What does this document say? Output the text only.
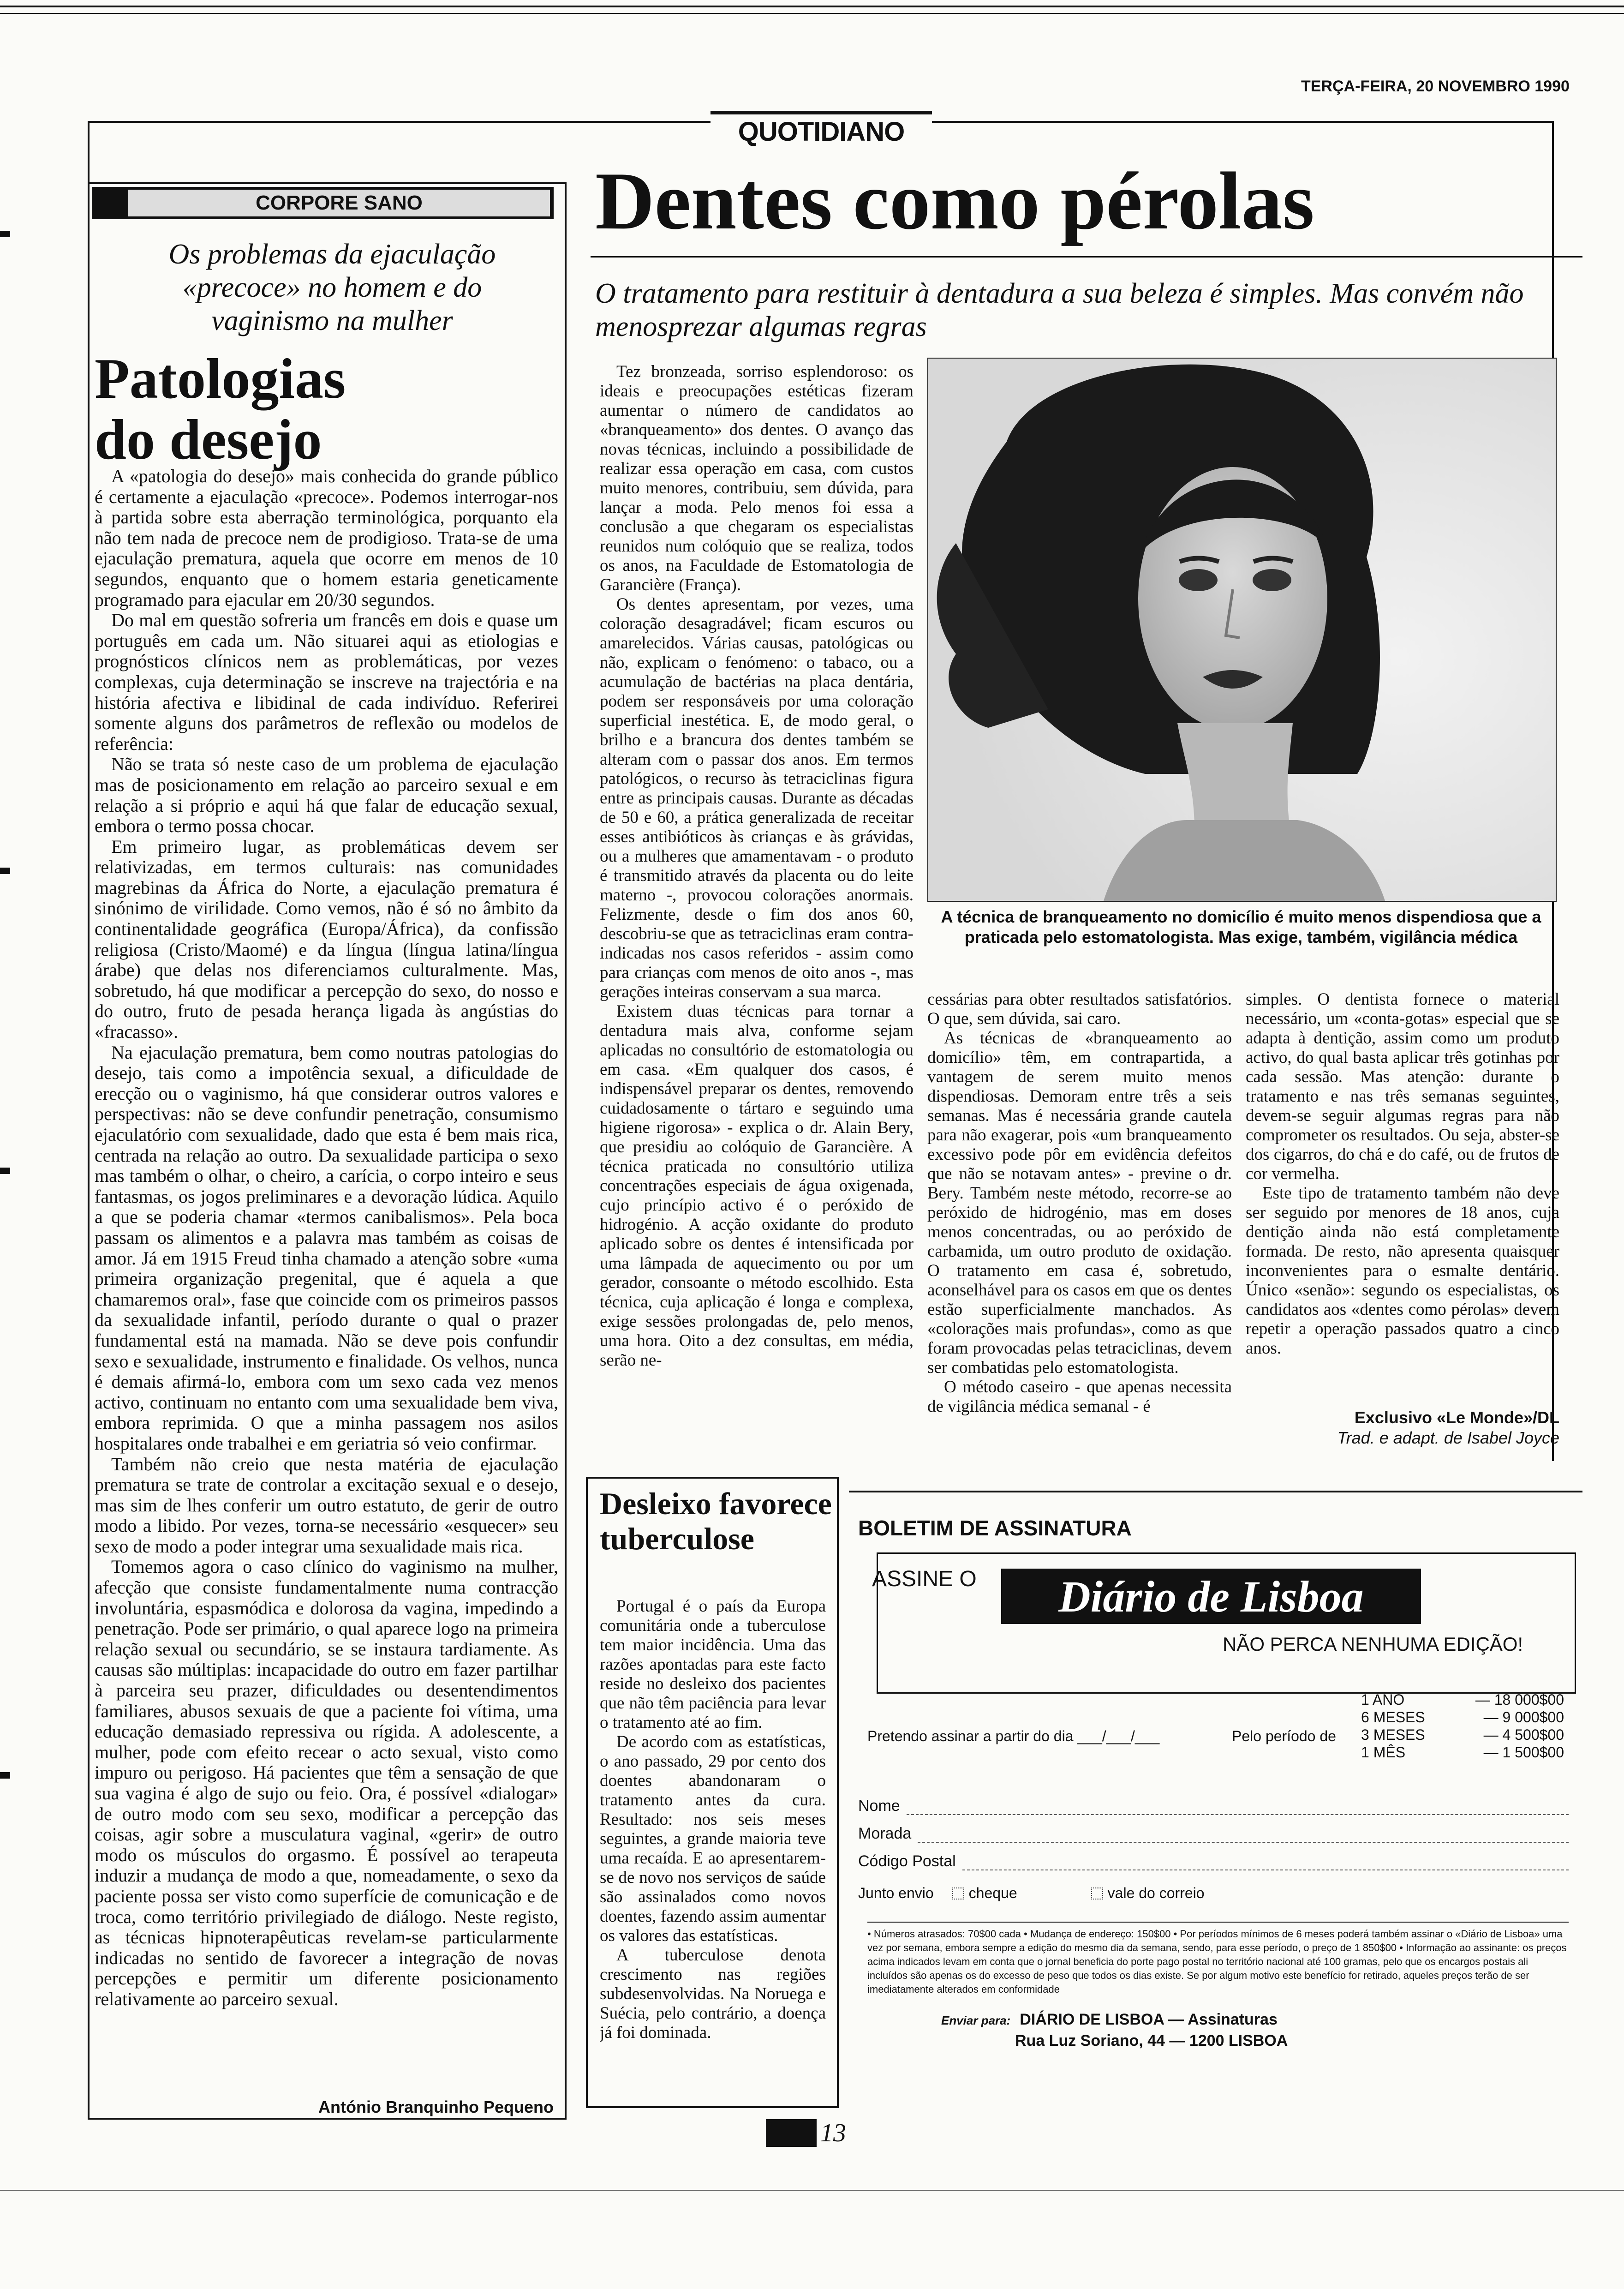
TERÇA-FEIRA, 20 NOVEMBRO 1990
QUOTIDIANO
CORPORE SANO
Os problemas da ejaculação «precoce» no homem e do vaginismo na mulher
Patologias do desejo

A «patologia do desejo» mais conhecida do grande público é certamente a ejaculação «precoce». Podemos interrogar-nos à partida sobre esta aberração terminológica, porquanto ela não tem nada de precoce nem de prodigioso. Trata-se de uma ejaculação prematura, aquela que ocorre em menos de 10 segundos, enquanto que o homem estaria geneticamente programado para ejacular em 20/30 segundos.

Do mal em questão sofreria um francês em dois e quase um português em cada um. Não situarei aqui as etiologias e prognósticos clínicos nem as problemáticas, por vezes complexas, cuja determinação se inscreve na trajectória e na história afectiva e libidinal de cada indivíduo. Referirei somente alguns dos parâmetros de reflexão ou modelos de referência:

Não se trata só neste caso de um problema de ejaculação mas de posicionamento em relação ao parceiro sexual e em relação a si próprio e aqui há que falar de educação sexual, embora o termo possa chocar.

Em primeiro lugar, as problemáticas devem ser relativizadas, em termos culturais: nas comunidades magrebinas da África do Norte, a ejaculação prematura é sinónimo de virilidade. Como vemos, não é só no âmbito da continentalidade geográfica (Europa/África), da confissão religiosa (Cristo/Maomé) e da língua (língua latina/língua árabe) que delas nos diferenciamos culturalmente. Mas, sobretudo, há que modificar a percepção do sexo, do nosso e do outro, fruto de pesada herança ligada às angústias do «fracasso».

Na ejaculação prematura, bem como noutras patologias do desejo, tais como a impotência sexual, a dificuldade de erecção ou o vaginismo, há que considerar outros valores e perspectivas: não se deve confundir penetração, consumismo ejaculatório com sexualidade, dado que esta é bem mais rica, centrada na relação ao outro. Da sexualidade participa o sexo mas também o olhar, o cheiro, a carícia, o corpo inteiro e seus fantasmas, os jogos preliminares e a devoração lúdica. Aquilo a que se poderia chamar «termos canibalismos». Pela boca passam os alimentos e a palavra mas também as coisas de amor. Já em 1915 Freud tinha chamado a atenção sobre «uma primeira organização pregenital, que é aquela a que chamaremos oral», fase que coincide com os primeiros passos da sexualidade infantil, período durante o qual o prazer fundamental está na mamada. Não se deve pois confundir sexo e sexualidade, instrumento e finalidade. Os velhos, nunca é demais afirmá-lo, embora com um sexo cada vez menos activo, continuam no entanto com uma sexualidade bem viva, embora reprimida. O que a minha passagem nos asilos hospitalares onde trabalhei e em geriatria só veio confirmar.

Também não creio que nesta matéria de ejaculação prematura se trate de controlar a excitação sexual e o desejo, mas sim de lhes conferir um outro estatuto, de gerir de outro modo a libido. Por vezes, torna-se necessário «esquecer» seu sexo de modo a poder integrar uma sexualidade mais rica.

Tomemos agora o caso clínico do vaginismo na mulher, afecção que consiste fundamentalmente numa contracção involuntária, espasmódica e dolorosa da vagina, impedindo a penetração. Pode ser primário, o qual aparece logo na primeira relação sexual ou secundário, se se instaura tardiamente. As causas são múltiplas: incapacidade do outro em fazer partilhar à parceira seu prazer, dificuldades ou desentendimentos familiares, abusos sexuais de que a paciente foi vítima, uma educação demasiado repressiva ou rígida. A adolescente, a mulher, pode com efeito recear o acto sexual, visto como impuro ou perigoso. Há pacientes que têm a sensação de que sua vagina é algo de sujo ou feio. Ora, é possível «dialogar» de outro modo com seu sexo, modificar a percepção das coisas, agir sobre a musculatura vaginal, «gerir» de outro modo os músculos do orgasmo. É possível ao terapeuta induzir a mudança de modo a que, nomeadamente, o sexo da paciente possa ser visto como superfície de comunicação e de troca, como território privilegiado de diálogo. Neste registo, as técnicas hipnoterapêuticas revelam-se particularmente indicadas no sentido de favorecer a integração de novas percepções e permitir um diferente posicionamento relativamente ao parceiro sexual.

António Branquinho Pequeno
Dentes como pérolas
O tratamento para restituir à dentadura a sua beleza é simples. Mas convém não menosprezar algumas regras

Tez bronzeada, sorriso esplendoroso: os ideais e preocupações estéticas fizeram aumentar o número de candidatos ao «branqueamento» dos dentes. O avanço das novas técnicas, incluindo a possibilidade de realizar essa operação em casa, com custos muito menores, contribuiu, sem dúvida, para lançar a moda. Pelo menos foi essa a conclusão a que chegaram os especialistas reunidos num colóquio que se realiza, todos os anos, na Faculdade de Estomatologia de Garancière (França).

Os dentes apresentam, por vezes, uma coloração desagradável; ficam escuros ou amarelecidos. Várias causas, patológicas ou não, explicam o fenómeno: o tabaco, ou a acumulação de bactérias na placa dentária, podem ser responsáveis por uma coloração superficial inestética. E, de modo geral, o brilho e a brancura dos dentes também se alteram com o passar dos anos. Em termos patológicos, o recurso às tetraciclinas figura entre as principais causas. Durante as décadas de 50 e 60, a prática generalizada de receitar esses antibióticos às crianças e às grávidas, ou a mulheres que amamentavam - o produto é transmitido através da placenta ou do leite materno -, provocou colorações anormais. Felizmente, desde o fim dos anos 60, descobriu-se que as tetraciclinas eram contra-indicadas nos casos referidos - assim como para crianças com menos de oito anos -, mas gerações inteiras conservam a sua marca.

Existem duas técnicas para tornar a dentadura mais alva, conforme sejam aplicadas no consultório de estomatologia ou em casa. «Em qualquer dos casos, é indispensável preparar os dentes, removendo cuidadosamente o tártaro e seguindo uma higiene rigorosa» - explica o dr. Alain Bery, que presidiu ao colóquio de Garancière. A técnica praticada no consultório utiliza concentrações especiais de água oxigenada, cujo princípio activo é o peróxido de hidrogénio. A acção oxidante do produto aplicado sobre os dentes é intensificada por uma lâmpada de aquecimento ou por um gerador, consoante o método escolhido. Esta técnica, cuja aplicação é longa e complexa, exige sessões prolongadas de, pelo menos, uma hora. Oito a dez consultas, em média, serão ne-

A técnica de branqueamento no domicílio é muito menos dispendiosa que a praticada pelo estomatologista. Mas exige, também, vigilância médica

cessárias para obter resultados satisfatórios. O que, sem dúvida, sai caro.

As técnicas de «branqueamento ao domicílio» têm, em contrapartida, a vantagem de serem muito menos dispendiosas. Demoram entre três a seis semanas. Mas é necessária grande cautela para não exagerar, pois «um branqueamento excessivo pode pôr em evidência defeitos que não se notavam antes» - previne o dr. Bery. Também neste método, recorre-se ao peróxido de hidrogénio, mas em doses menos concentradas, ou ao peróxido de carbamida, um outro produto de oxidação. O tratamento em casa é, sobretudo, aconselhável para os casos em que os dentes estão superficialmente manchados. As «colorações mais profundas», como as que foram provocadas pelas tetraciclinas, devem ser combatidas pelo estomatologista.

O método caseiro - que apenas necessita de vigilância médica semanal - é

simples. O dentista fornece o material necessário, um «conta-gotas» especial que se adapta à dentição, assim como um produto activo, do qual basta aplicar três gotinhas por cada sessão. Mas atenção: durante o tratamento e nas três semanas seguintes, devem-se seguir algumas regras para não comprometer os resultados. Ou seja, abster-se dos cigarros, do chá e do café, ou de frutos de cor vermelha.

Este tipo de tratamento também não deve ser seguido por menores de 18 anos, cuja dentição ainda não está completamente formada. De resto, não apresenta quaisquer inconvenientes para o esmalte dentário. Único «senão»: segundo os especialistas, os candidatos aos «dentes como pérolas» devem repetir a operação passados quatro a cinco anos.

Exclusivo «Le Monde»/DL
Trad. e adapt. de Isabel Joyce
Desleixo favorece tuberculose

Portugal é o país da Europa comunitária onde a tuberculose tem maior incidência. Uma das razões apontadas para este facto reside no desleixo dos pacientes que não têm paciência para levar o tratamento até ao fim.

De acordo com as estatísticas, o ano passado, 29 por cento dos doentes abandonaram o tratamento antes da cura. Resultado: nos seis meses seguintes, a grande maioria teve uma recaída. E ao apresentarem-se de novo nos serviços de saúde são assinalados como novos doentes, fazendo assim aumentar os valores das estatísticas.

A tuberculose denota crescimento nas regiões subdesenvolvidas. Na Noruega e Suécia, pelo contrário, a doença já foi dominada.

BOLETIM DE ASSINATURA
ASSINE O	Diário de Lisboa
NÃO PERCA NENHUMA EDIÇÃO!
Pretendo assinar a partir do dia ___/___/___	Pelo período de
1 ANO	— 18 000$00
6 MESES	— 9 000$00
3 MESES	— 4 500$00
1 MÊS	— 1 500$00
Nome
Morada
Código Postal
Junto envio cheque	vale do correio
• Números atrasados: 70$00 cada • Mudança de endereço: 150$00 • Por períodos mínimos de 6 meses poderá também assinar o «Diário de Lisboa» uma vez por semana, embora sempre a edição do mesmo dia da semana, sendo, para esse período, o preço de 1 850$00 • Informação ao assinante: os preços acima indicados levam em conta que o jornal beneficia do porte pago postal no território nacional até 100 gramas, pelo que os encargos postais ali incluídos são apenas os do excesso de peso que todos os dias existe. Se por algum motivo este benefício for retirado, aqueles preços terão de ser imediatamente alterados em conformidade
Enviar para: DIÁRIO DE LISBOA — Assinaturas
Rua Luz Soriano, 44 — 1200 LISBOA
13
